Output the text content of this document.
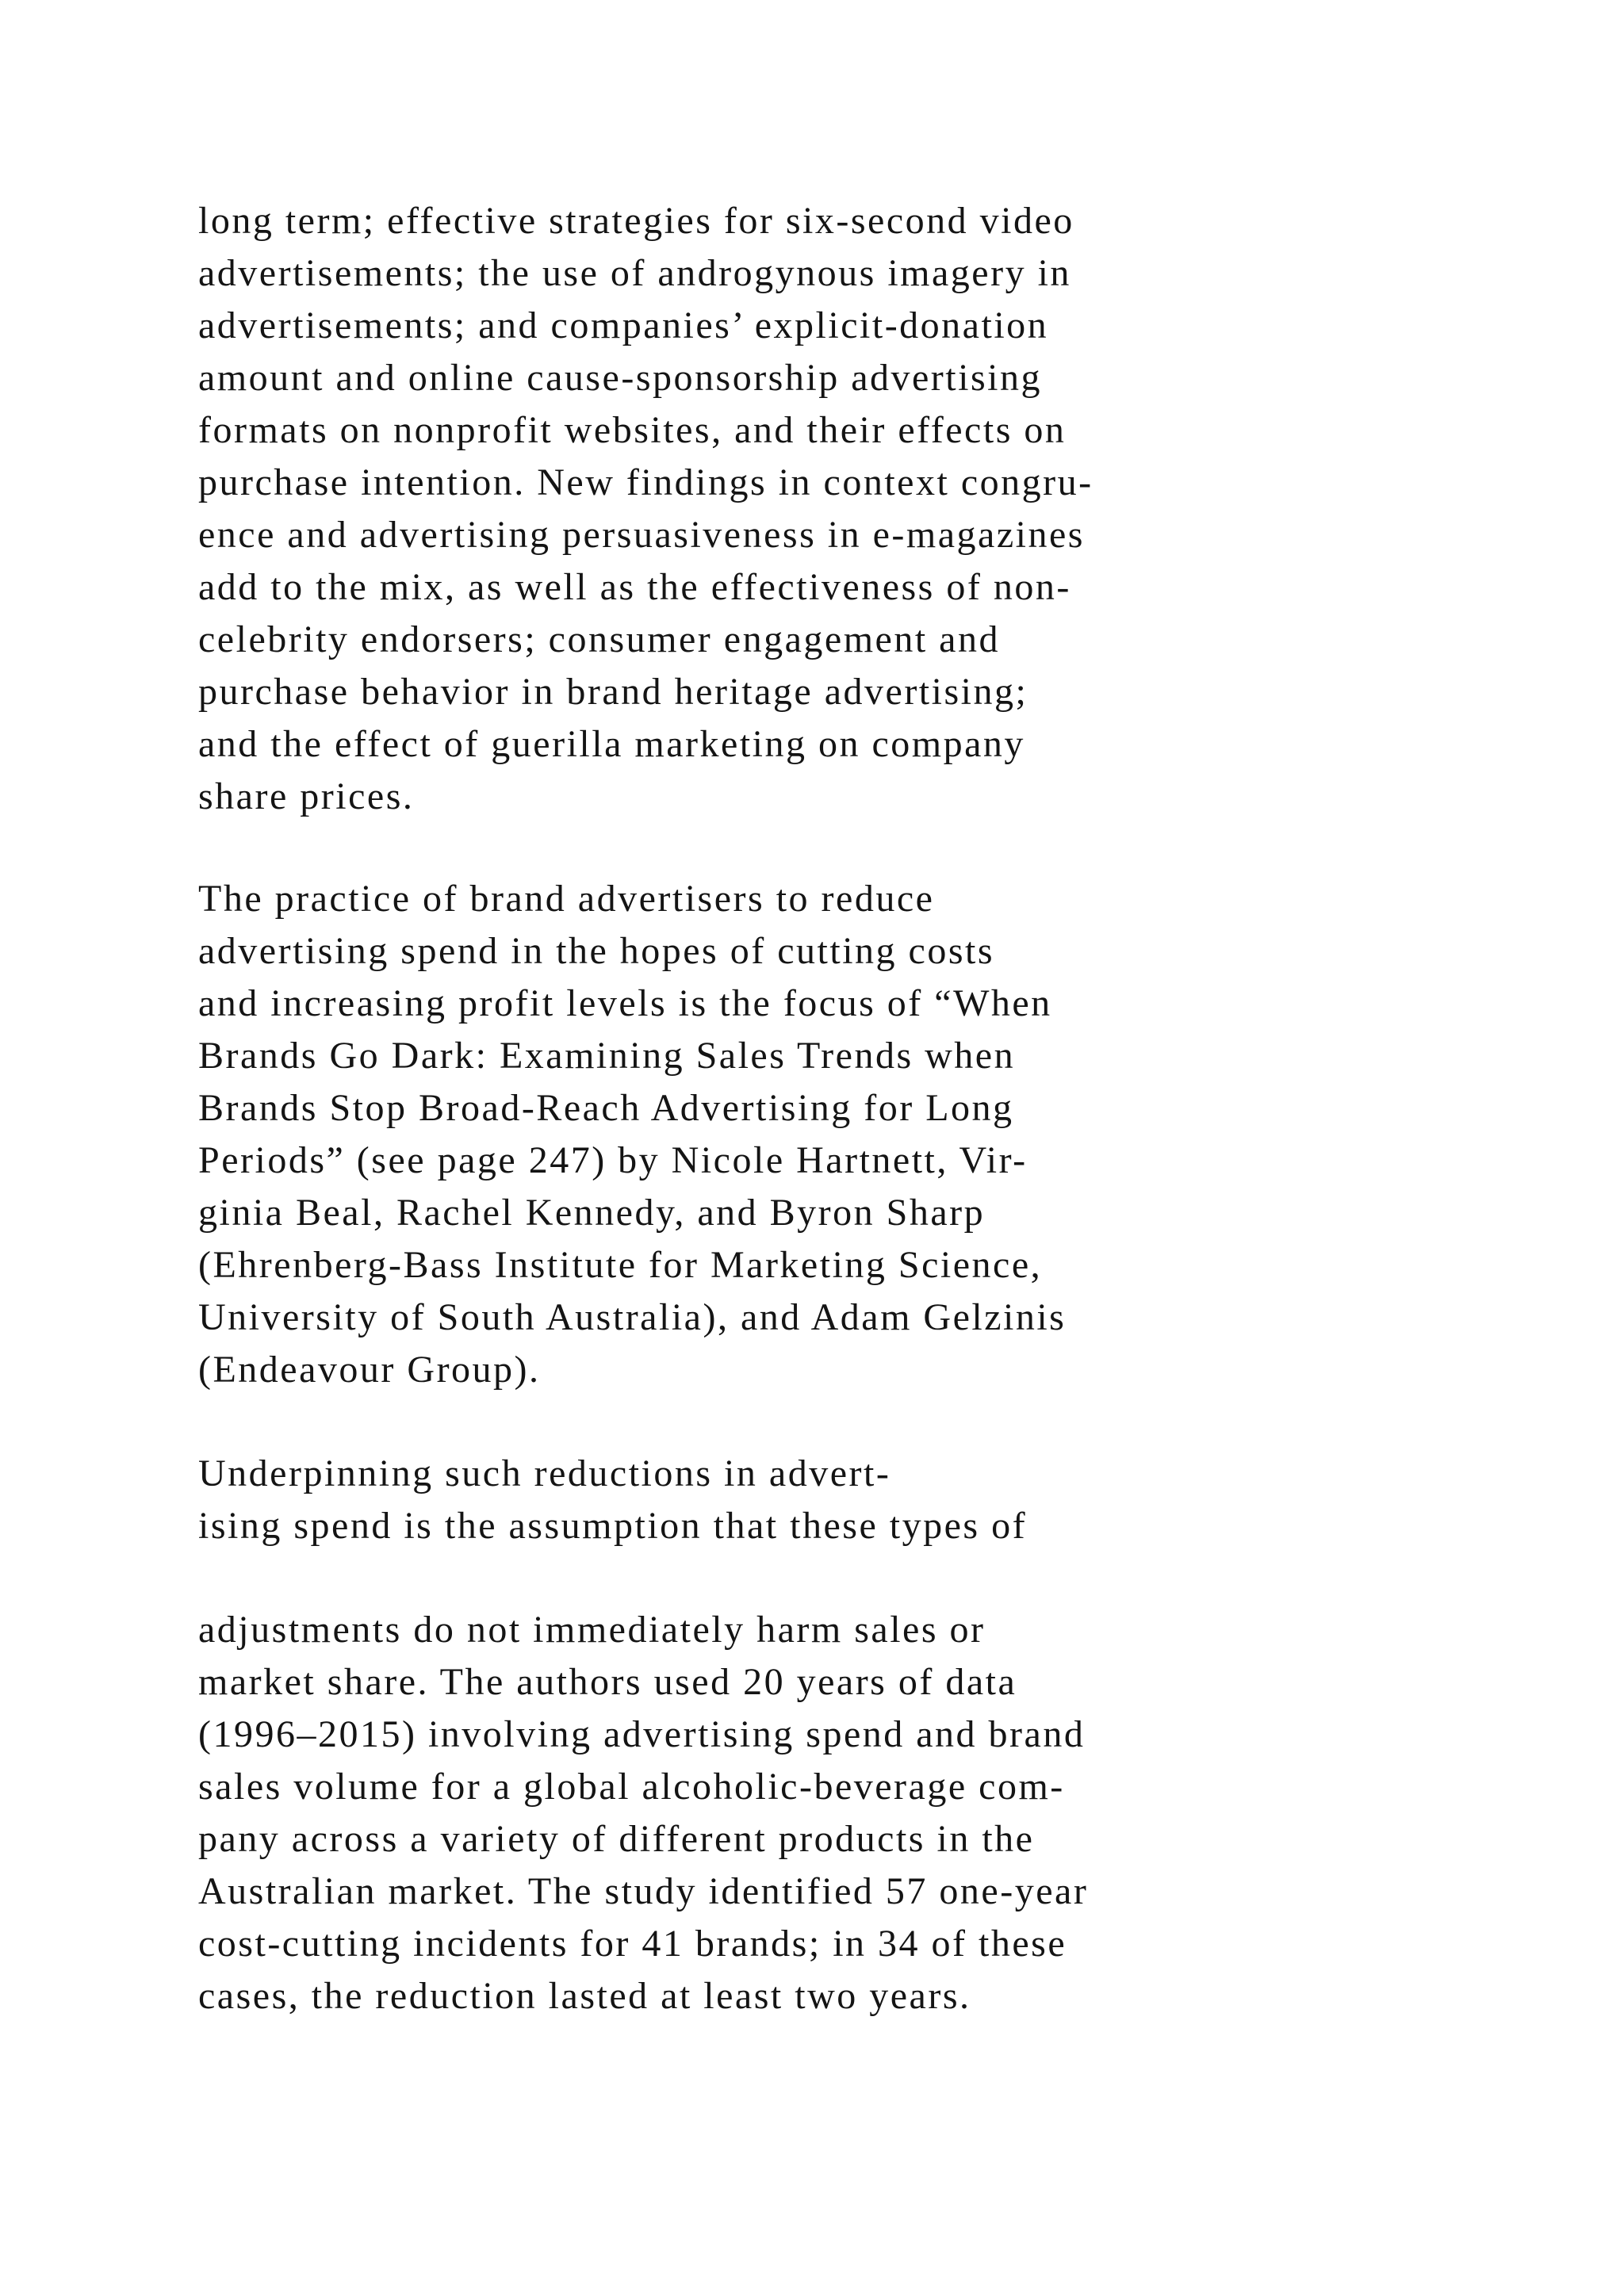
long term; effective strategies for six-second video
advertisements; the use of androgynous imagery in
advertisements; and companies’ explicit-donation
amount and online cause-sponsorship advertising
formats on nonprofit websites, and their effects on
purchase intention. New findings in context congru-
ence and advertising persuasiveness in e-magazines
add to the mix, as well as the effectiveness of non-
celebrity endorsers; consumer engagement and
purchase behavior in brand heritage advertising;
and the effect of guerilla marketing on company
share prices.

The practice of brand advertisers to reduce
advertising spend in the hopes of cutting costs
and increasing profit levels is the focus of “When
Brands Go Dark: Examining Sales Trends when
Brands Stop Broad-Reach Advertising for Long
Periods” (see page 247) by Nicole Hartnett, Vir-
ginia Beal, Rachel Kennedy, and Byron Sharp
(Ehrenberg-Bass Institute for Marketing Science,
University of South Australia), and Adam Gelzinis
(Endeavour Group).

Underpinning such reductions in advert-
ising spend is the assumption that these types of

adjustments do not immediately harm sales or
market share. The authors used 20 years of data
(1996–2015) involving advertising spend and brand
sales volume for a global alcoholic-beverage com-
pany across a variety of different products in the
Australian market. The study identified 57 one-year
cost-cutting incidents for 41 brands; in 34 of these
cases, the reduction lasted at least two years.
